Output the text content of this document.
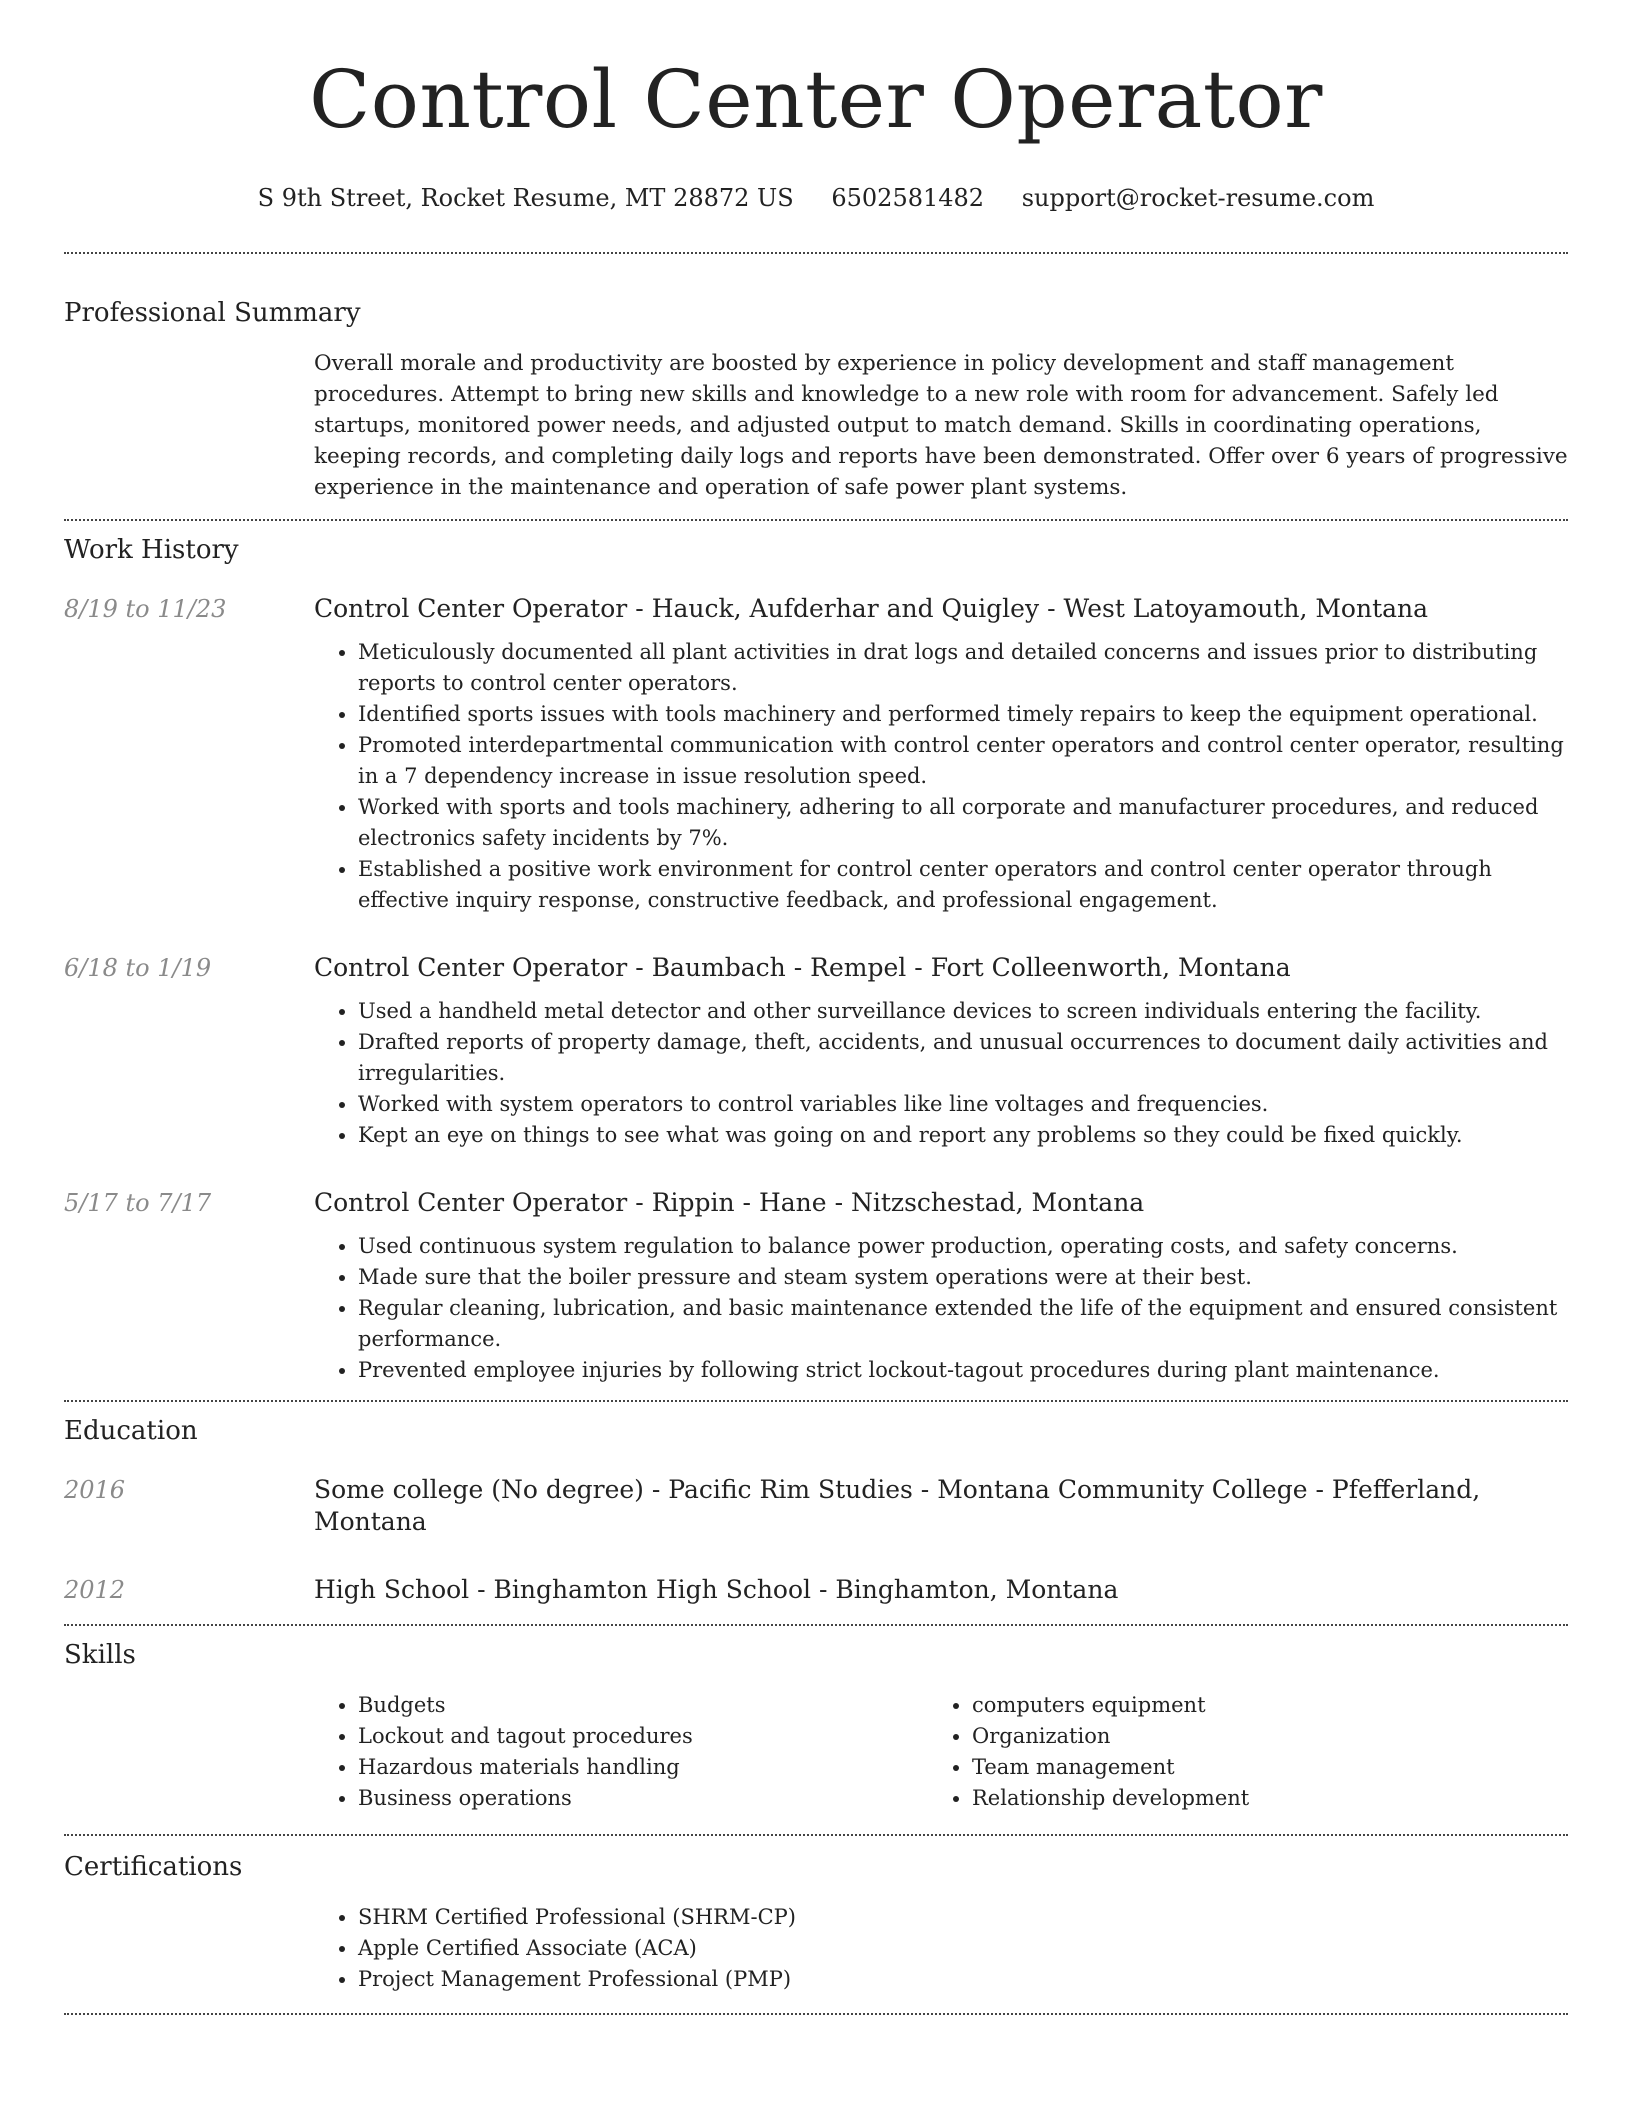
Control Center Operator
S 9th Street, Rocket Resume, MT 28872 US 6502581482 support@rocket-resume.com
Professional Summary

Overall morale and productivity are boosted by experience in policy development and staff management procedures. Attempt to bring new skills and knowledge to a new role with room for advancement. Safely led startups, monitored power needs, and adjusted output to match demand. Skills in coordinating operations, keeping records, and completing daily logs and reports have been demonstrated. Offer over 6 years of progressive experience in the maintenance and operation of safe power plant systems.

Work History
8/19 to 11/23	Control Center Operator - Hauck, Aufderhar and Quigley - West Latoyamouth, Montana
• Meticulously documented all plant activities in drat logs and detailed concerns and issues prior to distributing reports to control center operators.
• Identified sports issues with tools machinery and performed timely repairs to keep the equipment operational.
• Promoted interdepartmental communication with control center operators and control center operator, resulting in a 7 dependency increase in issue resolution speed.
• Worked with sports and tools machinery, adhering to all corporate and manufacturer procedures, and reduced electronics safety incidents by 7%.
• Established a positive work environment for control center operators and control center operator through effective inquiry response, constructive feedback, and professional engagement.
6/18 to 1/19	Control Center Operator - Baumbach - Rempel - Fort Colleenworth, Montana
• Used a handheld metal detector and other surveillance devices to screen individuals entering the facility.
• Drafted reports of property damage, theft, accidents, and unusual occurrences to document daily activities and irregularities.
• Worked with system operators to control variables like line voltages and frequencies.
• Kept an eye on things to see what was going on and report any problems so they could be fixed quickly.
5/17 to 7/17	Control Center Operator - Rippin - Hane - Nitzschestad, Montana
• Used continuous system regulation to balance power production, operating costs, and safety concerns.
• Made sure that the boiler pressure and steam system operations were at their best.
• Regular cleaning, lubrication, and basic maintenance extended the life of the equipment and ensured consistent performance.
• Prevented employee injuries by following strict lockout-tagout procedures during plant maintenance.
Education
2016	Some college (No degree) - Pacific Rim Studies - Montana Community College - Pfefferland, Montana
2012	High School - Binghamton High School - Binghamton, Montana
Skills
• Budgets
• Lockout and tagout procedures
• Hazardous materials handling
• Business operations
• computers equipment
• Organization
• Team management
• Relationship development
Certifications
• SHRM Certified Professional (SHRM-CP)
• Apple Certified Associate (ACA)
• Project Management Professional (PMP)
